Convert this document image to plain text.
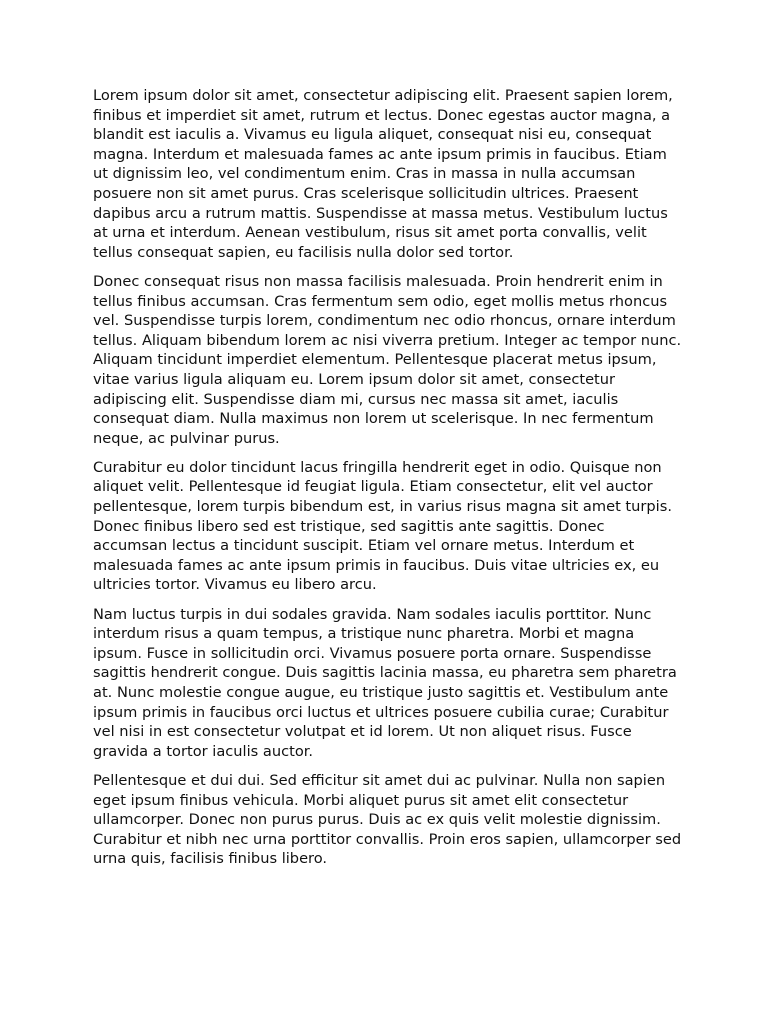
Lorem ipsum dolor sit amet, consectetur adipiscing elit. Praesent sapien lorem, finibus et imperdiet sit amet, rutrum et lectus. Donec egestas auctor magna, a blandit est iaculis a. Vivamus eu ligula aliquet, consequat nisi eu, consequat magna. Interdum et malesuada fames ac ante ipsum primis in faucibus. Etiam ut dignissim leo, vel condimentum enim. Cras in massa in nulla accumsan posuere non sit amet purus. Cras scelerisque sollicitudin ultrices. Praesent dapibus arcu a rutrum mattis. Suspendisse at massa metus. Vestibulum luctus at urna et interdum. Aenean vestibulum, risus sit amet porta convallis, velit tellus consequat sapien, eu facilisis nulla dolor sed tortor.

Donec consequat risus non massa facilisis malesuada. Proin hendrerit enim in tellus finibus accumsan. Cras fermentum sem odio, eget mollis metus rhoncus vel. Suspendisse turpis lorem, condimentum nec odio rhoncus, ornare interdum tellus. Aliquam bibendum lorem ac nisi viverra pretium. Integer ac tempor nunc. Aliquam tincidunt imperdiet elementum. Pellentesque placerat metus ipsum, vitae varius ligula aliquam eu. Lorem ipsum dolor sit amet, consectetur adipiscing elit. Suspendisse diam mi, cursus nec massa sit amet, iaculis consequat diam. Nulla maximus non lorem ut scelerisque. In nec fermentum neque, ac pulvinar purus.

Curabitur eu dolor tincidunt lacus fringilla hendrerit eget in odio. Quisque non aliquet velit. Pellentesque id feugiat ligula. Etiam consectetur, elit vel auctor pellentesque, lorem turpis bibendum est, in varius risus magna sit amet turpis. Donec finibus libero sed est tristique, sed sagittis ante sagittis. Donec accumsan lectus a tincidunt suscipit. Etiam vel ornare metus. Interdum et malesuada fames ac ante ipsum primis in faucibus. Duis vitae ultricies ex, eu ultricies tortor. Vivamus eu libero arcu.

Nam luctus turpis in dui sodales gravida. Nam sodales iaculis porttitor. Nunc interdum risus a quam tempus, a tristique nunc pharetra. Morbi et magna ipsum. Fusce in sollicitudin orci. Vivamus posuere porta ornare. Suspendisse sagittis hendrerit congue. Duis sagittis lacinia massa, eu pharetra sem pharetra at. Nunc molestie congue augue, eu tristique justo sagittis et. Vestibulum ante ipsum primis in faucibus orci luctus et ultrices posuere cubilia curae; Curabitur vel nisi in est consectetur volutpat et id lorem. Ut non aliquet risus. Fusce gravida a tortor iaculis auctor.

Pellentesque et dui dui. Sed efficitur sit amet dui ac pulvinar. Nulla non sapien eget ipsum finibus vehicula. Morbi aliquet purus sit amet elit consectetur ullamcorper. Donec non purus purus. Duis ac ex quis velit molestie dignissim. Curabitur et nibh nec urna porttitor convallis. Proin eros sapien, ullamcorper sed urna quis, facilisis finibus libero.
